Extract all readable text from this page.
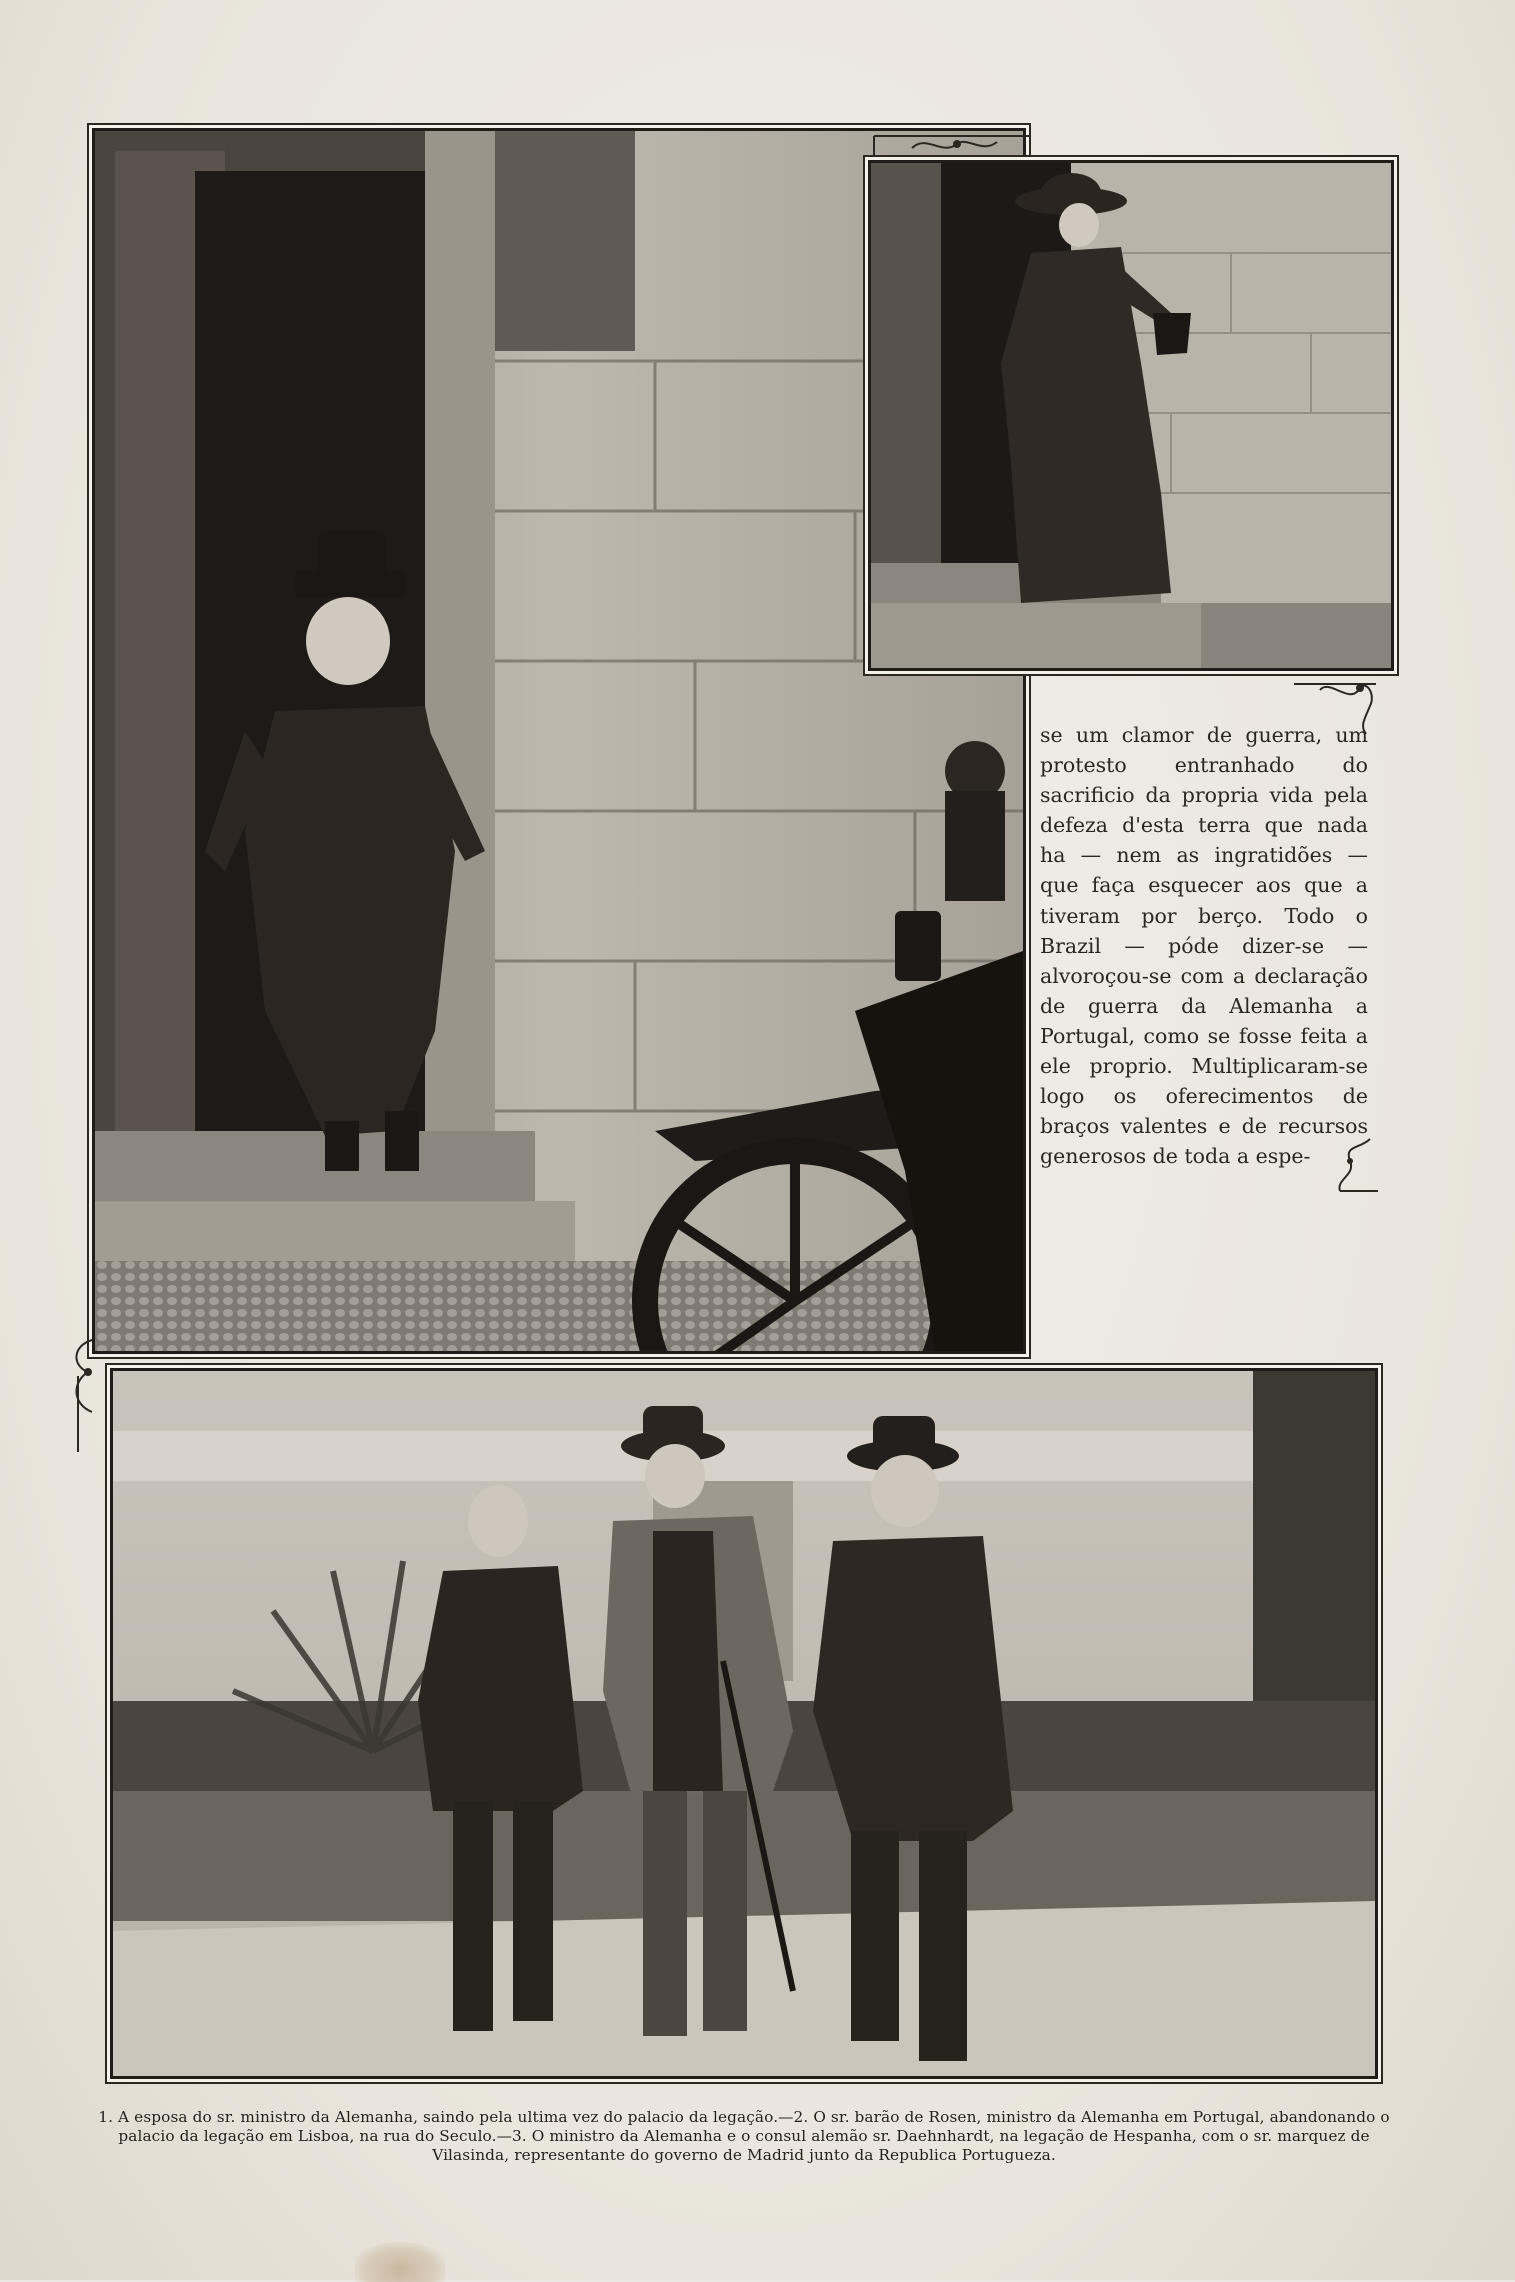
se um clamor de guerra, um protesto entranhado do sacrificio da propria vida pela defeza d'esta terra que nada ha — nem as ingratidões — que faça esquecer aos que a tiveram por berço. Todo o Brazil — póde dizer-se — alvoroçou-se com a declaração de guerra da Alemanha a Portugal, como se fosse feita a ele proprio. Multiplicaram-se logo os oferecimentos de braços valentes e de recursos generosos de toda a espe-

1. A esposa do sr. ministro da Alemanha, saindo pela ultima vez do palacio da legação.—2. O sr. barão de Rosen, ministro da Alemanha em Portugal, abandonando o palacio da legação em Lisboa, na rua do Seculo.—3. O ministro da Alemanha e o consul alemão sr. Daehnhardt, na legação de Hespanha, com o sr. marquez de Vilasinda, representante do governo de Madrid junto da Republica Portugueza.
